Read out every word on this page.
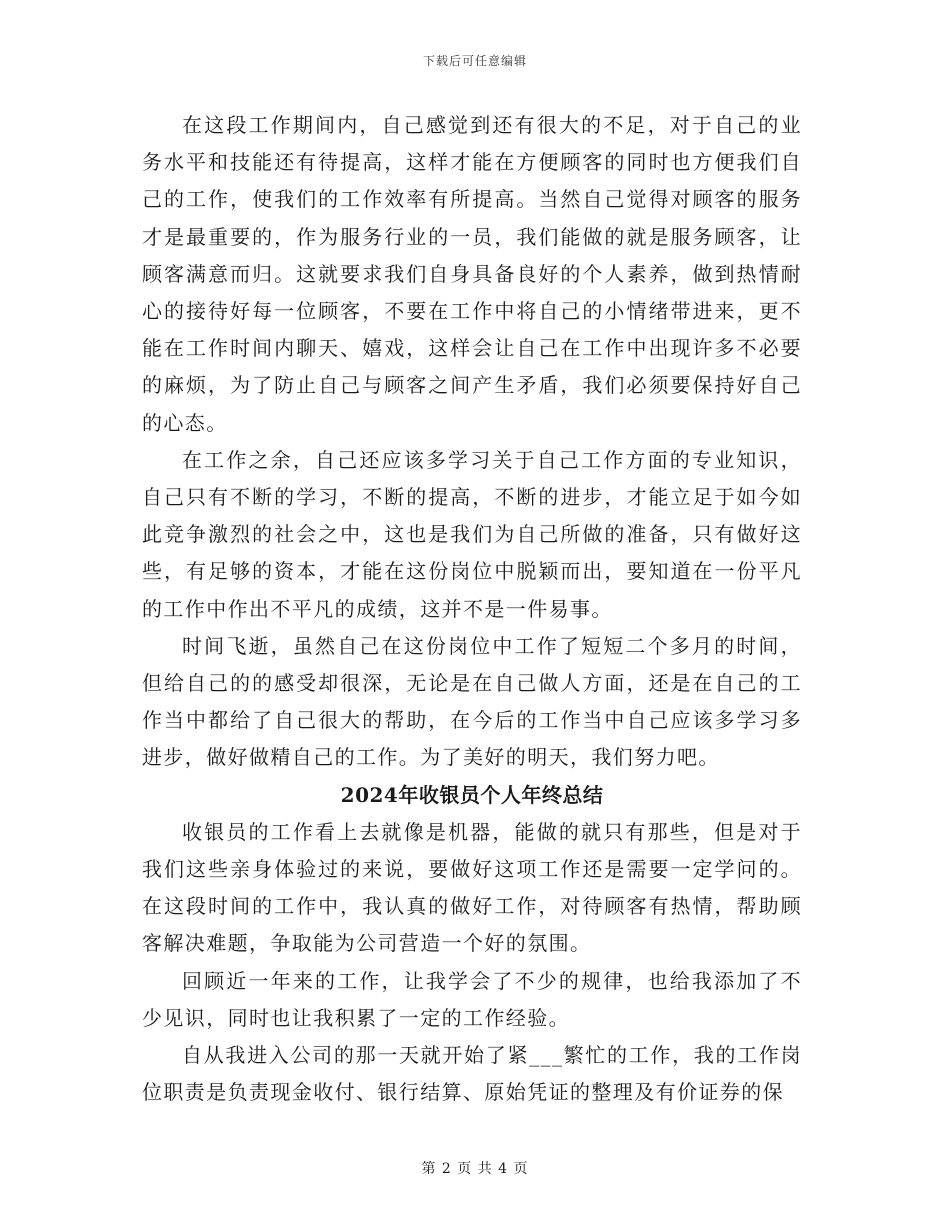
下载后可任意编辑

在这段工作期间内，自己感觉到还有很大的不足，对于自己的业务水平和技能还有待提高，这样才能在方便顾客的同时也方便我们自己的工作，使我们的工作效率有所提高。当然自己觉得对顾客的服务才是最重要的，作为服务行业的一员，我们能做的就是服务顾客，让顾客满意而归。这就要求我们自身具备良好的个人素养，做到热情耐心的接待好每一位顾客，不要在工作中将自己的小情绪带进来，更不能在工作时间内聊天、嬉戏，这样会让自己在工作中出现许多不必要的麻烦，为了防止自己与顾客之间产生矛盾，我们必须要保持好自己的心态。

在工作之余，自己还应该多学习关于自己工作方面的专业知识，自己只有不断的学习，不断的提高，不断的进步，才能立足于如今如此竞争激烈的社会之中，这也是我们为自己所做的准备，只有做好这些，有足够的资本，才能在这份岗位中脱颖而出，要知道在一份平凡的工作中作出不平凡的成绩，这并不是一件易事。

时间飞逝，虽然自己在这份岗位中工作了短短二个多月的时间，但给自己的的感受却很深，无论是在自己做人方面，还是在自己的工作当中都给了自己很大的帮助，在今后的工作当中自己应该多学习多进步，做好做精自己的工作。为了美好的明天，我们努力吧。

2024年收银员个人年终总结

收银员的工作看上去就像是机器，能做的就只有那些，但是对于我们这些亲身体验过的来说，要做好这项工作还是需要一定学问的。在这段时间的工作中，我认真的做好工作，对待顾客有热情，帮助顾客解决难题，争取能为公司营造一个好的氛围。

回顾近一年来的工作，让我学会了不少的规律，也给我添加了不少见识，同时也让我积累了一定的工作经验。

自从我进入公司的那一天就开始了紧___繁忙的工作，我的工作岗位职责是负责现金收付、银行结算、原始凭证的整理及有价证券的保

第 2 页 共 4 页
